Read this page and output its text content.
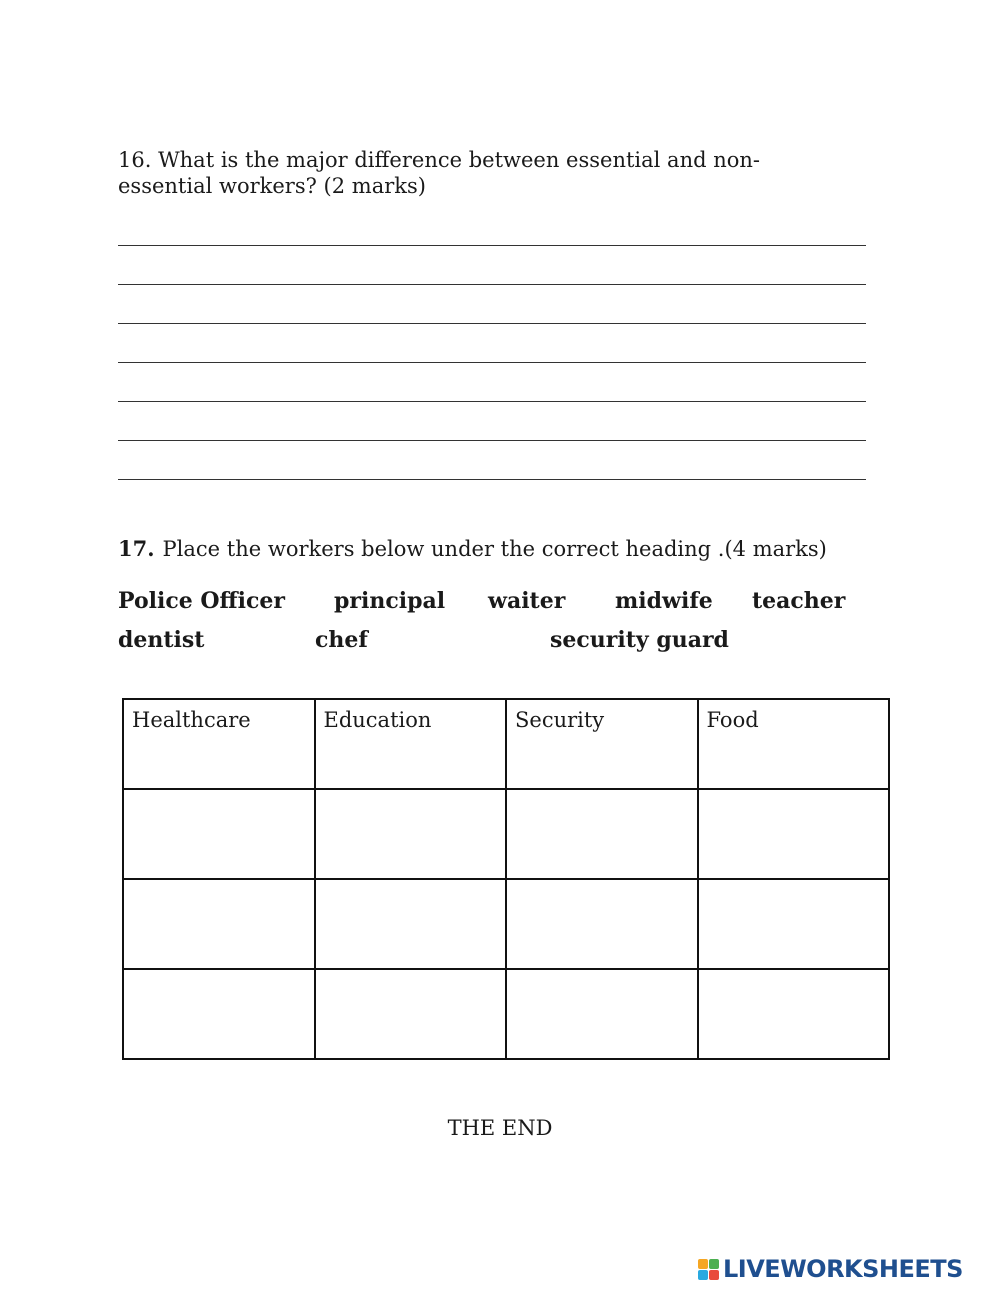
16. What is the major difference between essential and non- essential workers? (2 marks)
17. Place the workers below under the correct heading .(4 marks)
Police Officer principal waiter midwife teacher
dentist	chef	security guard
Healthcare	Education	Security	Food

THE END
LIVEWORKSHEETS
